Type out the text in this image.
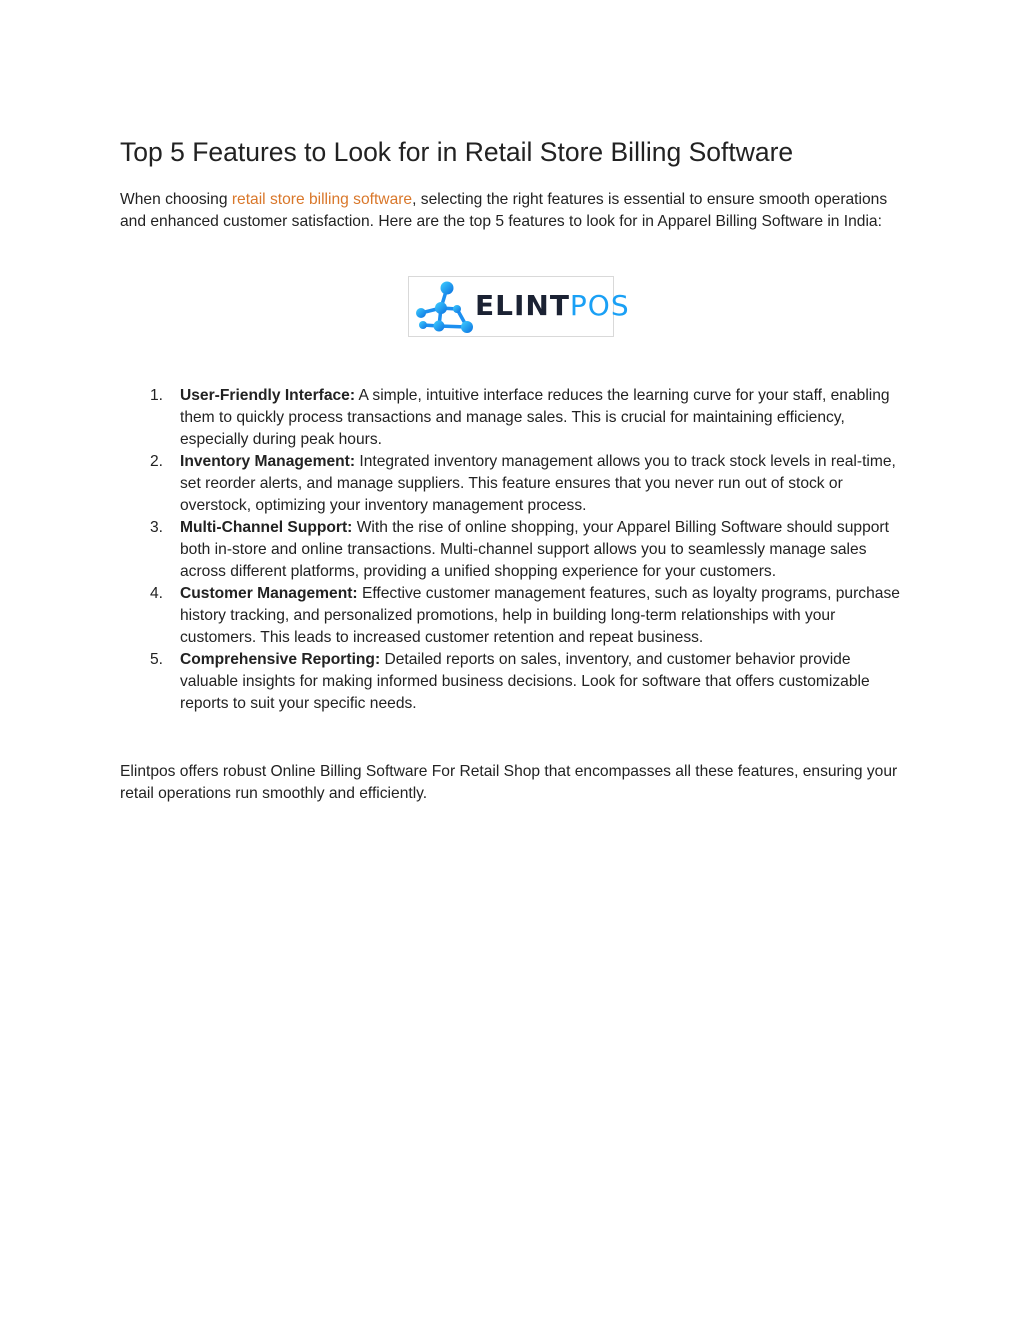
Top 5 Features to Look for in Retail Store Billing Software

When choosing retail store billing software, selecting the right features is essential to ensure smooth operations and enhanced customer satisfaction. Here are the top 5 features to look for in Apparel Billing Software in India:

ELINTPOS
1. User-Friendly Interface: A simple, intuitive interface reduces the learning curve for your staff, enabling them to quickly process transactions and manage sales. This is crucial for maintaining efficiency, especially during peak hours.
2. Inventory Management: Integrated inventory management allows you to track stock levels in real-time, set reorder alerts, and manage suppliers. This feature ensures that you never run out of stock or overstock, optimizing your inventory management process.
3. Multi-Channel Support: With the rise of online shopping, your Apparel Billing Software should support both in-store and online transactions. Multi-channel support allows you to seamlessly manage sales across different platforms, providing a unified shopping experience for your customers.
4. Customer Management: Effective customer management features, such as loyalty programs, purchase history tracking, and personalized promotions, help in building long-term relationships with your customers. This leads to increased customer retention and repeat business.
5. Comprehensive Reporting: Detailed reports on sales, inventory, and customer behavior provide valuable insights for making informed business decisions. Look for software that offers customizable reports to suit your specific needs.

Elintpos offers robust Online Billing Software For Retail Shop that encompasses all these features, ensuring your retail operations run smoothly and efficiently.
